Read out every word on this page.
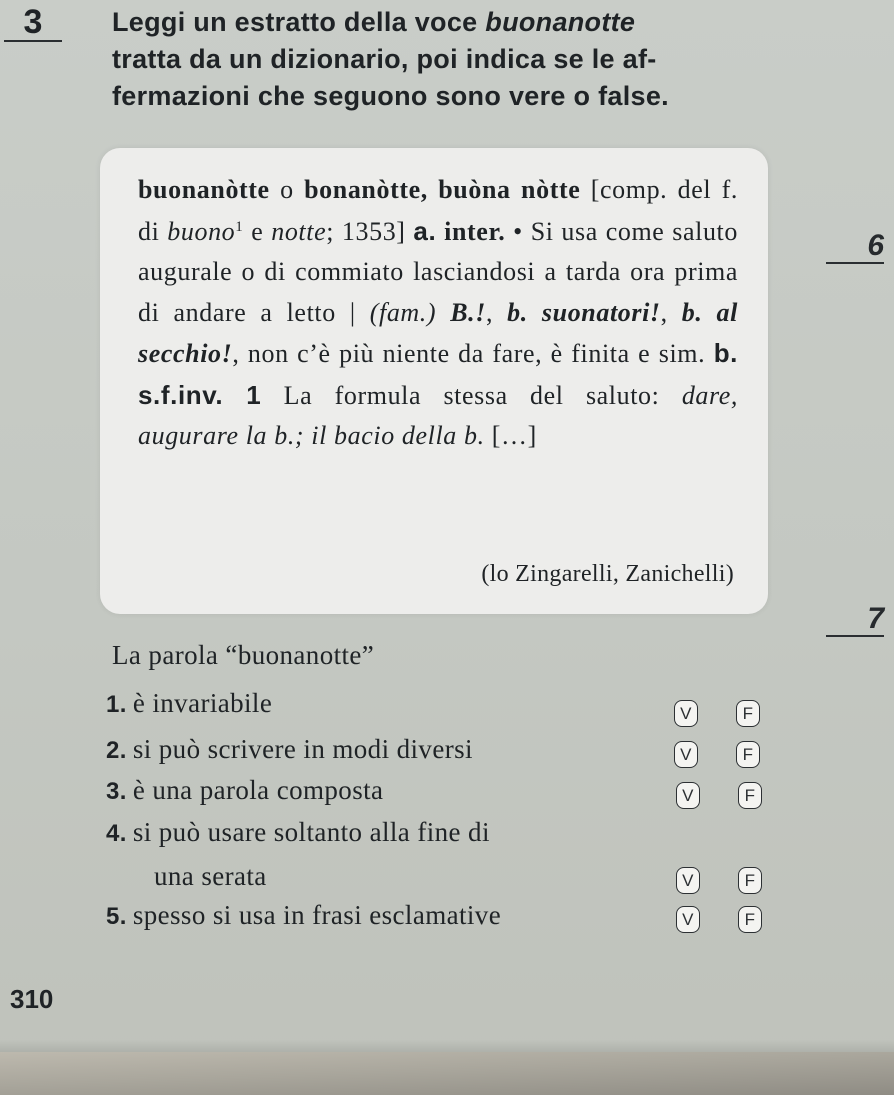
3	Leggi un estratto della voce buonanotte
tratta da un dizionario, poi indica se le af-
fermazioni che seguono sono vere o false.
6
7
buonanòtte o bonanòtte, buòna nòtte [comp. del f. di buono$^1$ e notte; 1353] a. inter. • Si usa come saluto augurale o di commiato lasciandosi a tarda ora prima di andare a letto | (fam.) B.!, b. suonatori!, b. al secchio!, non c’è più niente da fare, è finita e sim. b. s.f.inv. 1 La formula stessa del saluto: dare, augurare la b.; il bacio della b. […]
(lo Zingarelli, Zanichelli)
La parola “buonanotte”
1. è invariabile	V	F
2. si può scrivere in modi diversi	V	F
3. è una parola composta	V	F
4. si può usare soltanto alla fine di
una serata	V	F
5. spesso si usa in frasi esclamative	V	F
310
